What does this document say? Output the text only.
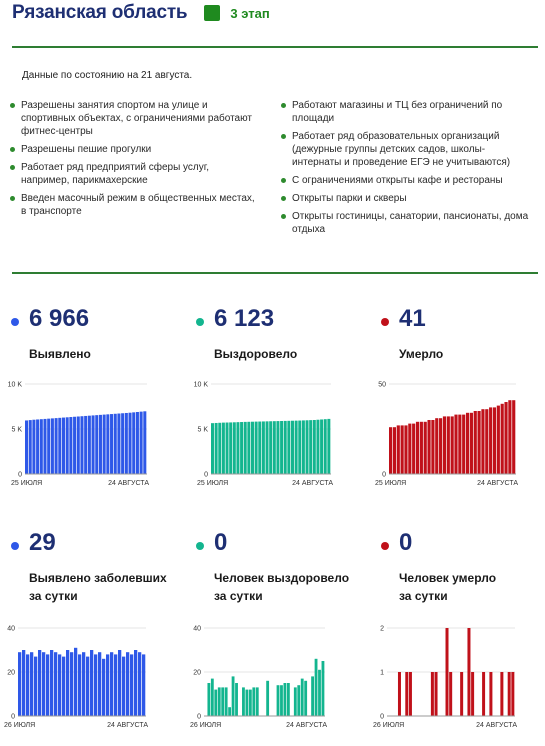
Рязанская область	3 этап
Данные по состоянию на 21 августа.
Разрешены занятия спортом на улице и спортивных объектах, с ограничениями работают фитнес-центры
Разрешены пешие прогулки
Работает ряд предприятий сферы услуг, например, парикмахерские
Введен масочный режим в общественных местах, в транспорте
Работают магазины и ТЦ без ограничений по площади
Работает ряд образовательных организаций (дежурные группы детских садов, школы-интернаты и проведение ЕГЭ не учитываются)
С ограничениями открыты кафе и рестораны
Открыты парки и скверы
Открыты гостиницы, санатории, пансионаты, дома отдыха
6 966
Выявлено
6 123
Выздоровело
41
Умерло
29
Выявлено заболевших
за сутки
0
Человек выздоровело
за сутки
0
Человек умерло
за сутки
0
5 K
10 K
25 ИЮЛЯ	24 АВГУСТА
0
5 K
10 K
25 ИЮЛЯ	24 АВГУСТА
0
50
25 ИЮЛЯ	24 АВГУСТА
0
20
40
26 ИЮЛЯ	24 АВГУСТА
0
20
40
26 ИЮЛЯ	24 АВГУСТА
0
1
2
26 ИЮЛЯ	24 АВГУСТА
